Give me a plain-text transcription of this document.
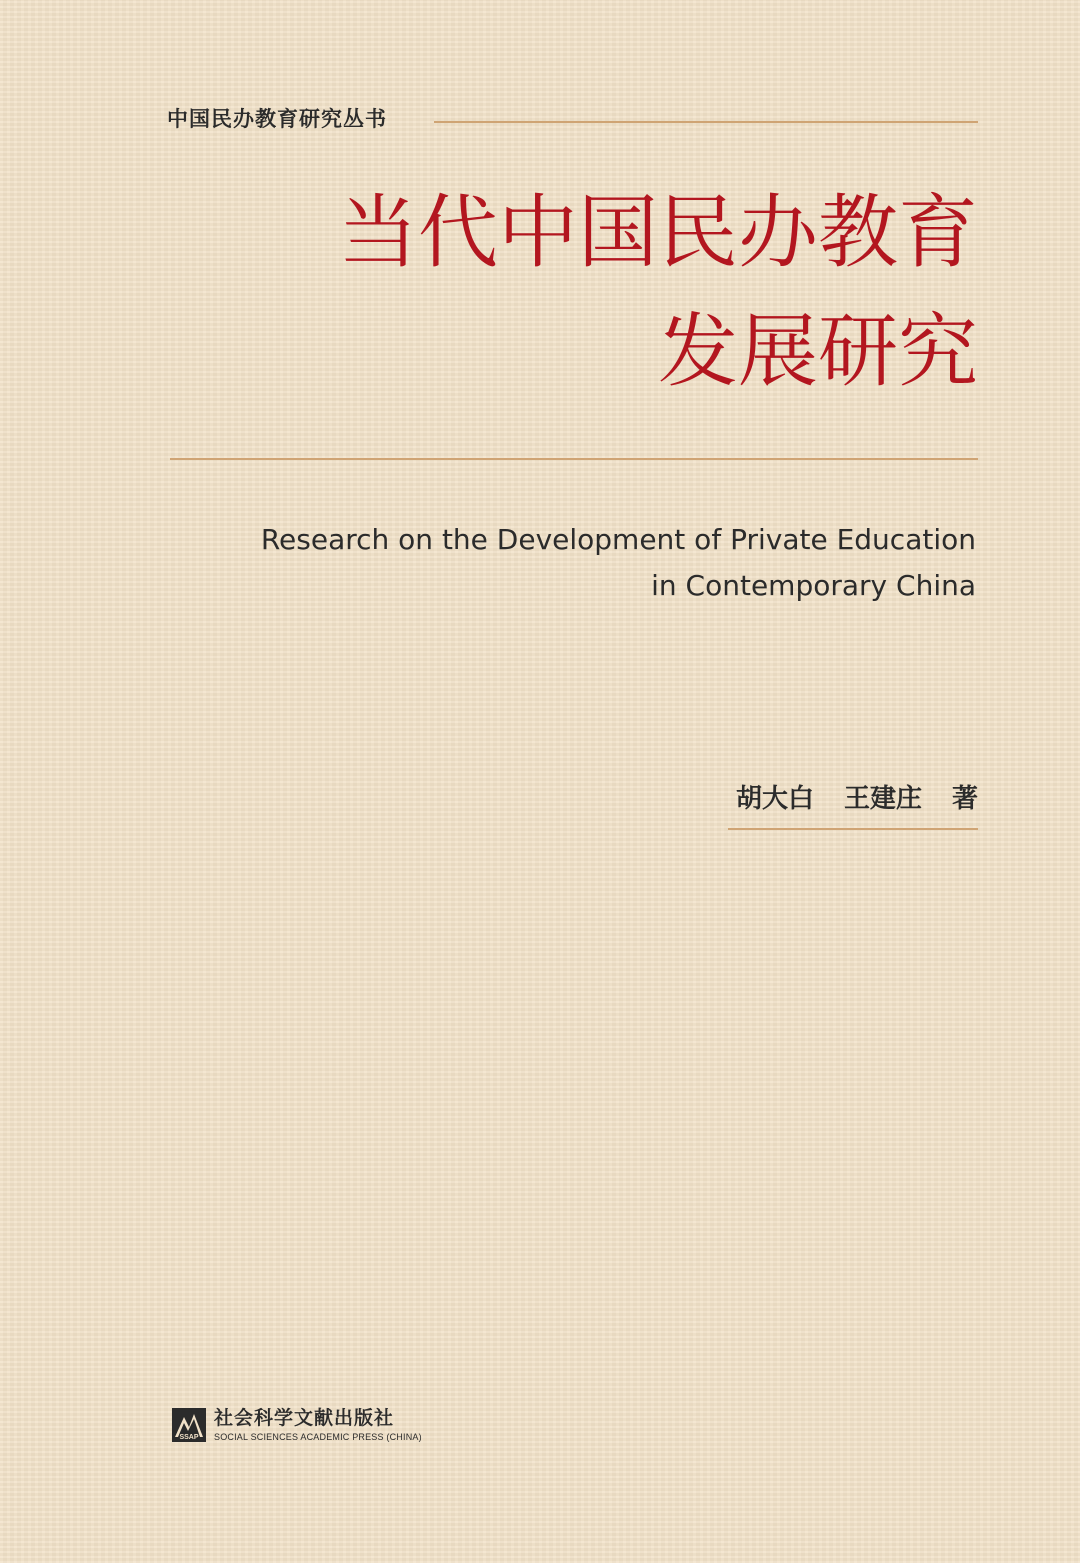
中国民办教育研究丛书
当代中国民办教育
发展研究
Research on the Development of Private Education
in Contemporary China
胡大白 王建庄 著
SSAP
社会科学文献出版社
SOCIAL SCIENCES ACADEMIC PRESS (CHINA)
